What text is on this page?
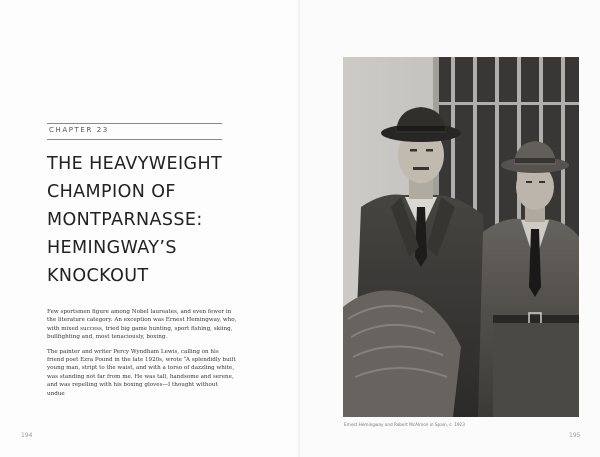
CHAPTER 23
THE HEAVYWEIGHT
CHAMPION OF
MONTPARNASSE:
HEMINGWAY’S
KNOCKOUT

Few sportsmen figure among Nobel laureates, and even fewer in the literature category. An exception was Ernest Hemingway, who, with mixed success, tried big game hunting, sport fishing, skiing, bullfighting and, most tenaciously, boxing.

The painter and writer Percy Wyndham Lewis, calling on his friend poet Ezra Pound in the late 1920s, wrote “A splendidly built young man, stript to the waist, and with a torso of dazzling white, was standing not far from me. He was tall, handsome and serene, and was repelling with his boxing gloves—I thought without undue

194
Ernest Hemingway and Robert McAlmon in Spain, c. 1923
195
